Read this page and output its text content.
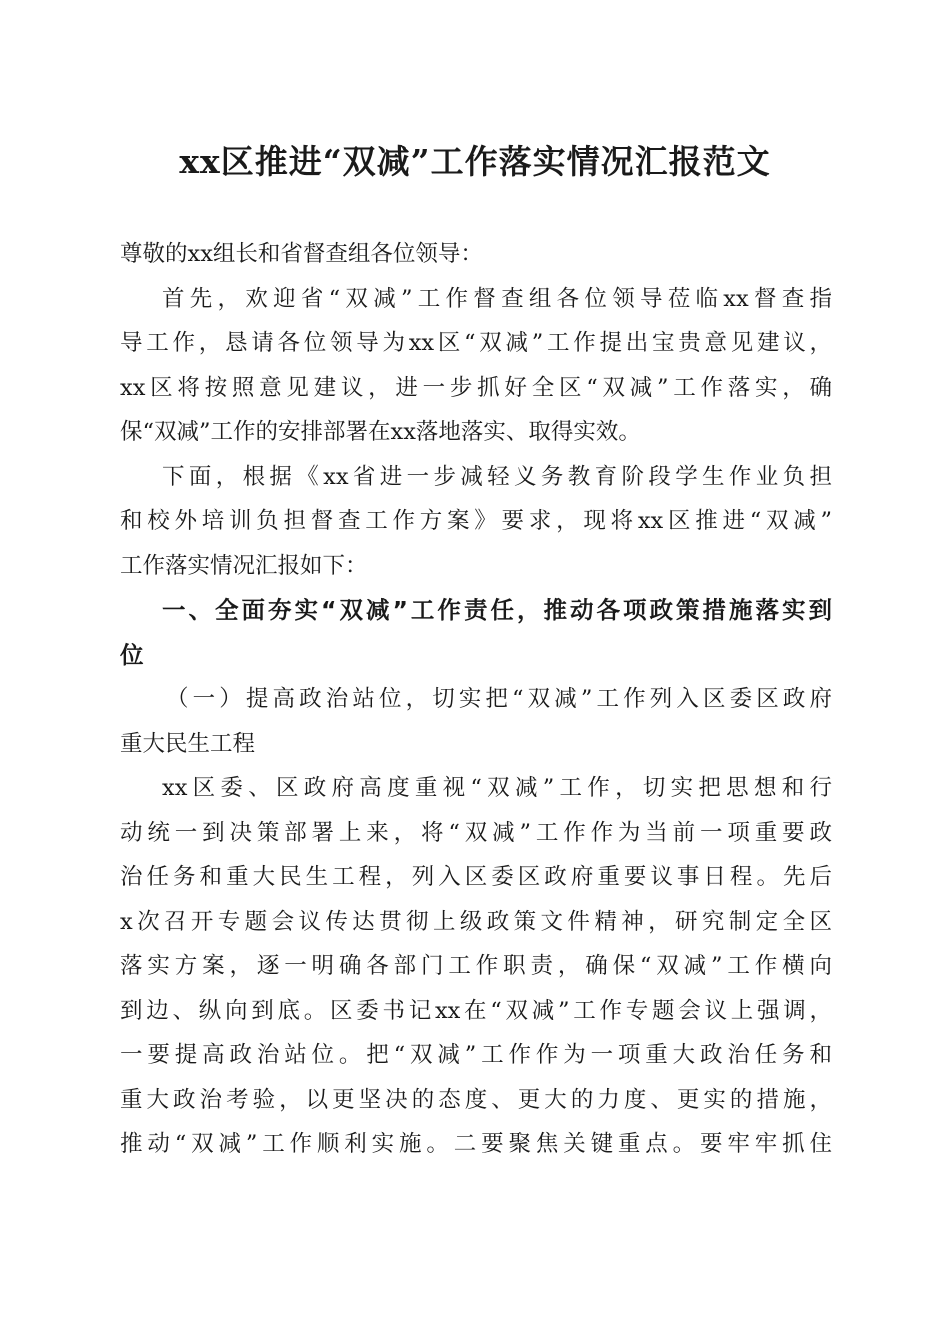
xx区推进“双减”工作落实情况汇报范文
尊敬的xx组长和省督查组各位领导：
首先，欢迎省“双减”工作督查组各位领导莅临xx督查指
导工作，恳请各位领导为xx区“双减”工作提出宝贵意见建议，
xx区将按照意见建议，进一步抓好全区“双减”工作落实，确
保“双减”工作的安排部署在xx落地落实、取得实效。
下面，根据《xx省进一步减轻义务教育阶段学生作业负担
和校外培训负担督查工作方案》要求，现将xx区推进“双减”
工作落实情况汇报如下：
一、全面夯实“双减”工作责任，推动各项政策措施落实到
位
（一）提高政治站位，切实把“双减”工作列入区委区政府
重大民生工程
xx区委、区政府高度重视“双减”工作，切实把思想和行
动统一到决策部署上来，将“双减”工作作为当前一项重要政
治任务和重大民生工程，列入区委区政府重要议事日程。先后
x次召开专题会议传达贯彻上级政策文件精神，研究制定全区
落实方案，逐一明确各部门工作职责，确保“双减”工作横向
到边、纵向到底。区委书记xx在“双减”工作专题会议上强调，
一要提高政治站位。把“双减”工作作为一项重大政治任务和
重大政治考验，以更坚决的态度、更大的力度、更实的措施，
推动“双减”工作顺利实施。二要聚焦关键重点。要牢牢抓住
